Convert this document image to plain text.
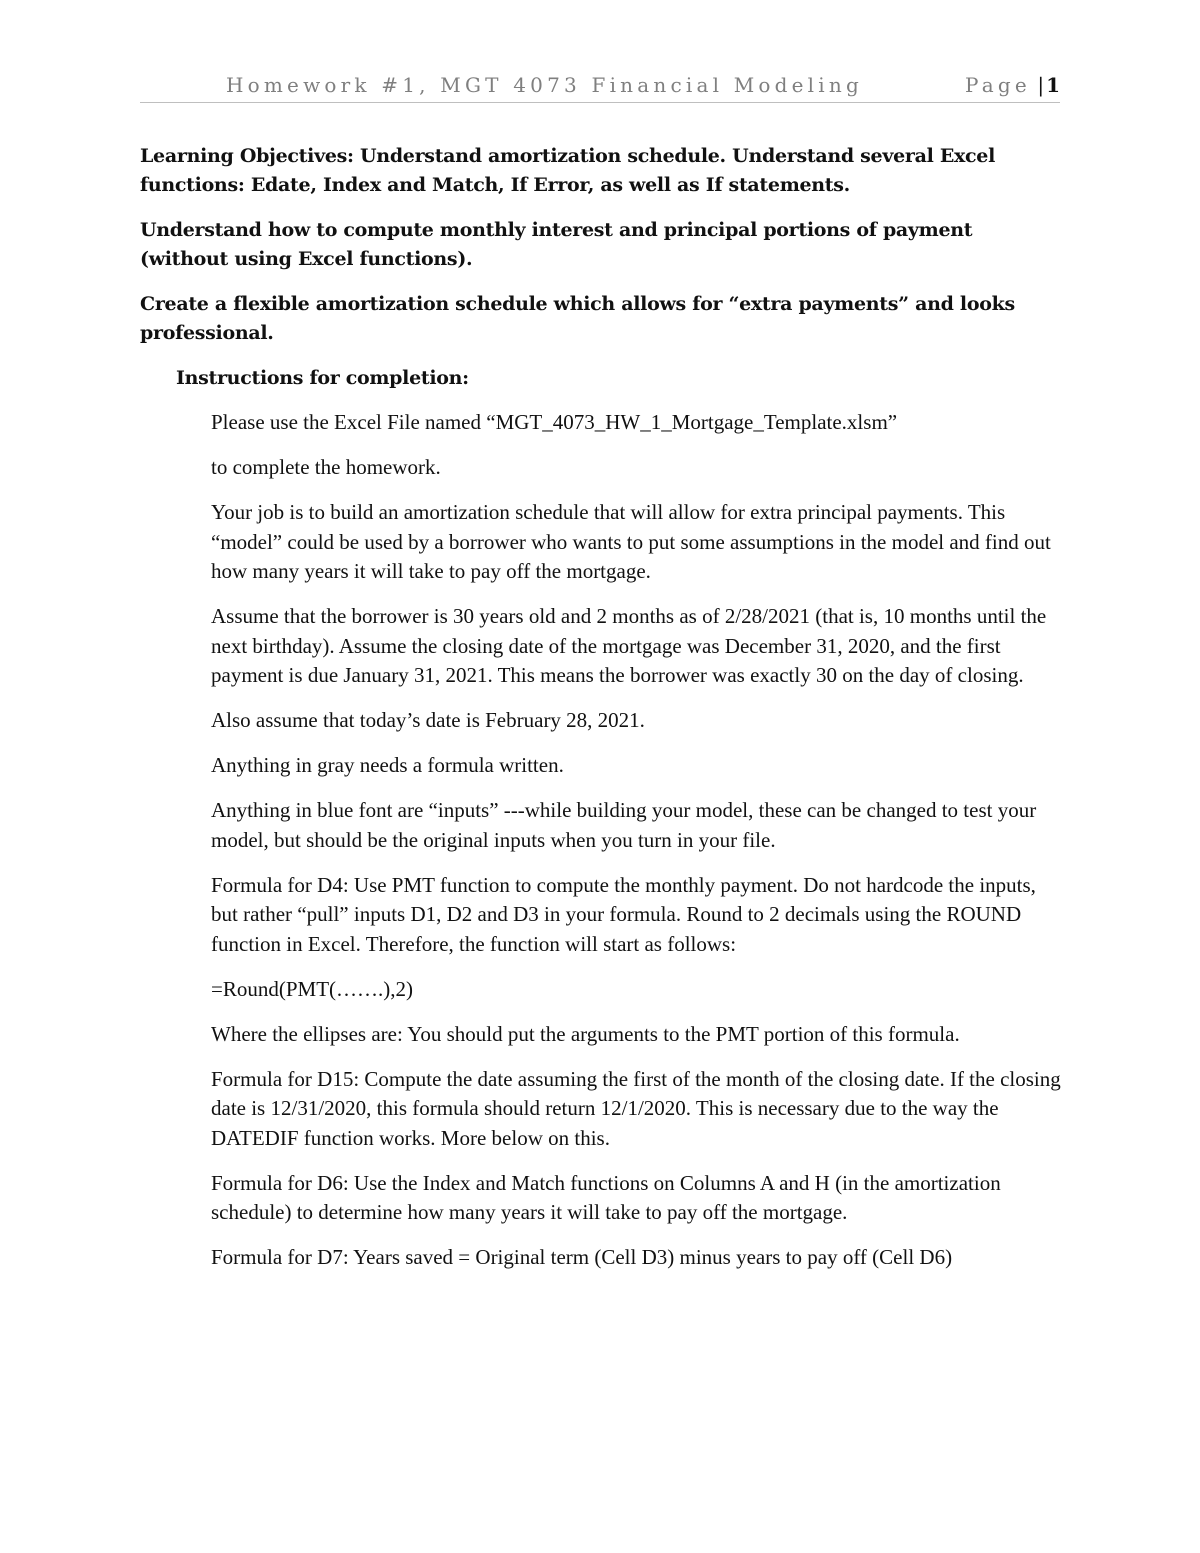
Homework #1, MGT 4073 Financial Modeling	Page | 1

Learning Objectives: Understand amortization schedule. Understand several Excel functions: Edate, Index and Match, If Error, as well as If statements.

Understand how to compute monthly interest and principal portions of payment (without using Excel functions).

Create a flexible amortization schedule which allows for “extra payments” and looks professional.

Instructions for completion:

Please use the Excel File named “MGT_4073_HW_1_Mortgage_Template.xlsm”

to complete the homework.

Your job is to build an amortization schedule that will allow for extra principal payments. This “model” could be used by a borrower who wants to put some assumptions in the model and find out how many years it will take to pay off the mortgage.

Assume that the borrower is 30 years old and 2 months as of 2/28/2021 (that is, 10 months until the next birthday). Assume the closing date of the mortgage was December 31, 2020, and the first payment is due January 31, 2021. This means the borrower was exactly 30 on the day of closing.

Also assume that today’s date is February 28, 2021.

Anything in gray needs a formula written.

Anything in blue font are “inputs” ---while building your model, these can be changed to test your model, but should be the original inputs when you turn in your file.

Formula for D4: Use PMT function to compute the monthly payment. Do not hardcode the inputs, but rather “pull” inputs D1, D2 and D3 in your formula. Round to 2 decimals using the ROUND function in Excel. Therefore, the function will start as follows:

=Round(PMT(…….),2)

Where the ellipses are: You should put the arguments to the PMT portion of this formula.

Formula for D15: Compute the date assuming the first of the month of the closing date. If the closing date is 12/31/2020, this formula should return 12/1/2020. This is necessary due to the way the DATEDIF function works. More below on this.

Formula for D6: Use the Index and Match functions on Columns A and H (in the amortization schedule) to determine how many years it will take to pay off the mortgage.

Formula for D7: Years saved = Original term (Cell D3) minus years to pay off (Cell D6)
